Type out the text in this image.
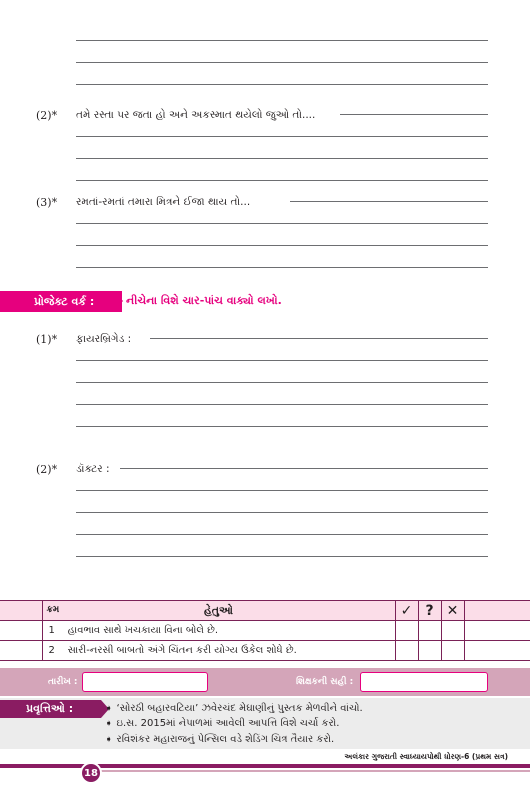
(2)* તમે રસ્તા પર જતા હો અને અકસ્માત થયેલો જુઓ તો....
(3)* રમતાં-રમતાં તમારા મિત્રને ઈજા થાય તો...
પ્રોજેક્ટ વર્ક :	નીચેના વિશે ચાર-પાંચ વાક્યો લખો.
(1)* ફાયરબ્રિગેડ :
(2)* ડૉક્ટર :

	ક્રમ હેતુઓ	✓	?	✕	
	1 હાવભાવ સાથે ખચકાયા વિના બોલે છે.				
	2 સારી-નરસી બાબતો અંગે ચિંતન કરી યોગ્ય ઉકેલ શોધે છે.				
તારીખ :	શિક્ષકની સહી :
પ્રવૃત્તિઓ :	➧ ‘સોરઠી બહારવટિયા’ ઝવેરચંદ મેઘાણીનું પુસ્તક મેળવીને વાંચો.
➧ ઇ.સ. 2015માં નેપાળમાં આવેલી આપત્તિ વિશે ચર્ચા કરો.
➧ રવિશંકર મહારાજનું પેન્સિલ વડે શેડિંગ ચિત્ર તૈયાર કરો.
અલંકાર ગુજરાતી સ્વાધ્યાયપોથી ધોરણ-6 (પ્રથમ સત્ર)
18
